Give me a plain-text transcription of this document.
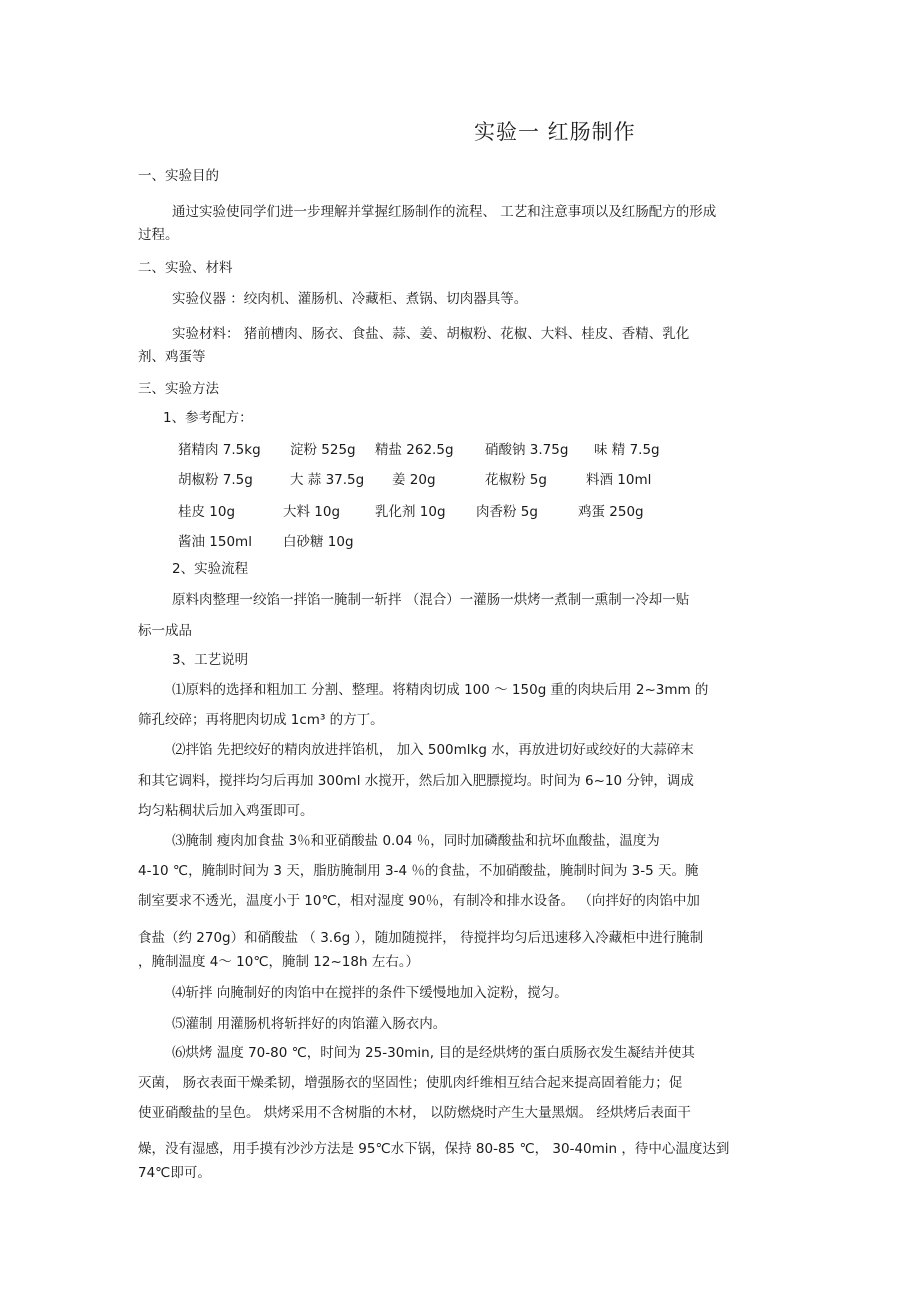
实验一 红肠制作
一、实验目的
通过实验使同学们进一步理解并掌握红肠制作的流程、 工艺和注意事项以及红肠配方的形成
过程。
二、实验、材料
实验仪器 ：绞肉机、灌肠机、冷藏柜、煮锅、切肉器具等。
实验材料： 猪前槽肉、肠衣、食盐、蒜、姜、胡椒粉、花椒、大料、桂皮、香精、乳化
剂、鸡蛋等
三、实验方法
1、参考配方：
猪精肉 7.5kg 淀粉 525g 精盐 262.5g 硝酸钠 3.75g 味 精 7.5g
胡椒粉 7.5g	大 蒜 37.5g 姜 20g	花椒粉 5g	料酒 10ml
桂皮 10g	大料 10g	乳化剂 10g 肉香粉 5g	鸡蛋 250g
酱油 150ml 白砂糖 10g
2、实验流程
原料肉整理一绞馅一拌馅一腌制一斩拌 （混合）一灌肠一烘烤一煮制一熏制一冷却一贴
标一成品
3、工艺说明
⑴原料的选择和粗加工 分割、整理。将精肉切成 100 ～ 150g 重的肉块后用 2~3mm 的
筛孔绞碎；再将肥肉切成 1cm³ 的方丁。
⑵拌馅 先把绞好的精肉放进拌馅机， 加入 500mlkg 水，再放进切好或绞好的大蒜碎末
和其它调料，搅拌均匀后再加 300ml 水搅开，然后加入肥膘搅均。时间为 6~10 分钟，调成
均匀粘稠状后加入鸡蛋即可。
⑶腌制 瘦肉加食盐 3％和亚硝酸盐 0.04 ％，同时加磷酸盐和抗坏血酸盐，温度为
4-10 ℃，腌制时间为 3 天，脂肪腌制用 3-4 ％的食盐，不加硝酸盐，腌制时间为 3-5 天。腌
制室要求不透光，温度小于 10℃，相对湿度 90％，有制冷和排水设备。 （向拌好的肉馅中加
食盐（约 270g）和硝酸盐 （ 3.6g ），随加随搅拌， 待搅拌均匀后迅速移入冷藏柜中进行腌制
，腌制温度 4～ 10℃，腌制 12~18h 左右。）
⑷斩拌 向腌制好的肉馅中在搅拌的条件下缓慢地加入淀粉，搅匀。
⑸灌制 用灌肠机将斩拌好的肉馅灌入肠衣内。
⑹烘烤 温度 70-80 ℃，时间为 25-30min, 目的是经烘烤的蛋白质肠衣发生凝结并使其
灭菌， 肠衣表面干燥柔韧，增强肠衣的坚固性；使肌肉纤维相互结合起来提高固着能力；促
使亚硝酸盐的呈色。 烘烤采用不含树脂的木材， 以防燃烧时产生大量黑烟。 经烘烤后表面干
燥，没有湿感，用手摸有沙沙方法是 95℃水下锅，保持 80-85 ℃， 30-40min ，待中心温度达到
74℃即可。
